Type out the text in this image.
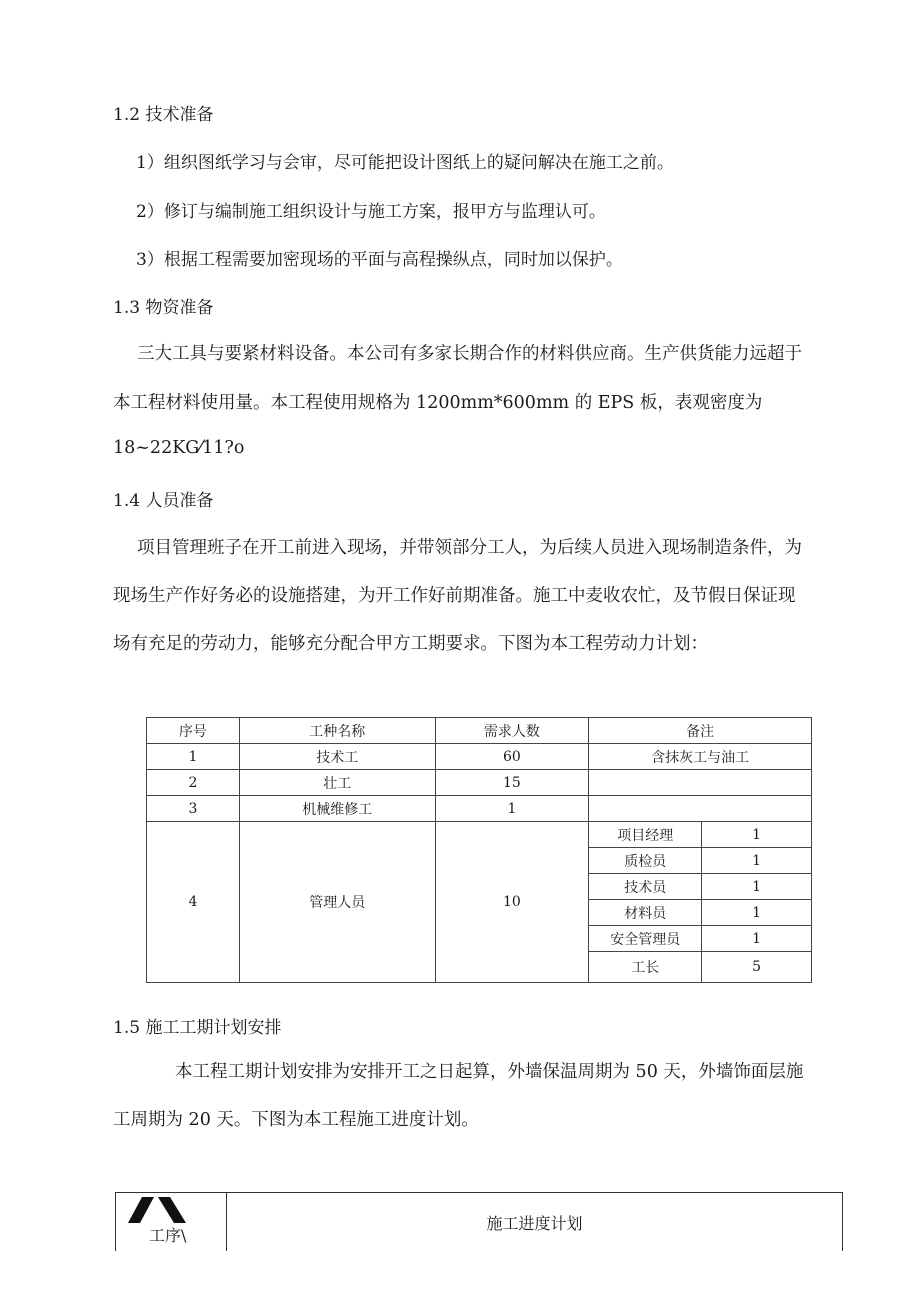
1.2 技术准备
1）组织图纸学习与会审，尽可能把设计图纸上的疑问解决在施工之前。
2）修订与编制施工组织设计与施工方案，报甲方与监理认可。
3）根据工程需要加密现场的平面与高程操纵点，同时加以保护。
1.3 物资准备
三大工具与要紧材料设备。本公司有多家长期合作的材料供应商。生产供货能力远超于
本工程材料使用量。本工程使用规格为 1200mm*600mm 的 EPS 板，表观密度为
18~22KG⁄11?o
1.4 人员准备
项目管理班子在开工前进入现场，并带领部分工人，为后续人员进入现场制造条件，为
现场生产作好务必的设施搭建，为开工作好前期准备。施工中麦收农忙，及节假日保证现
场有充足的劳动力，能够充分配合甲方工期要求。下图为本工程劳动力计划：
序号	工种名称	需求人数	备注	
1	技术工	60	含抹灰工与油工	
2	壮工	15		
3	机械维修工	1		
4	管理人员	10	项目经理	1
			质检员	1
			技术员	1
			材料员	1
			安全管理员	1
			工长	5
1.5 施工工期计划安排
本工程工期计划安排为安排开工之日起算，外墙保温周期为 50 天，外墙饰面层施
工周期为 20 天。下图为本工程施工进度计划。
工序\
	施工进度计划
